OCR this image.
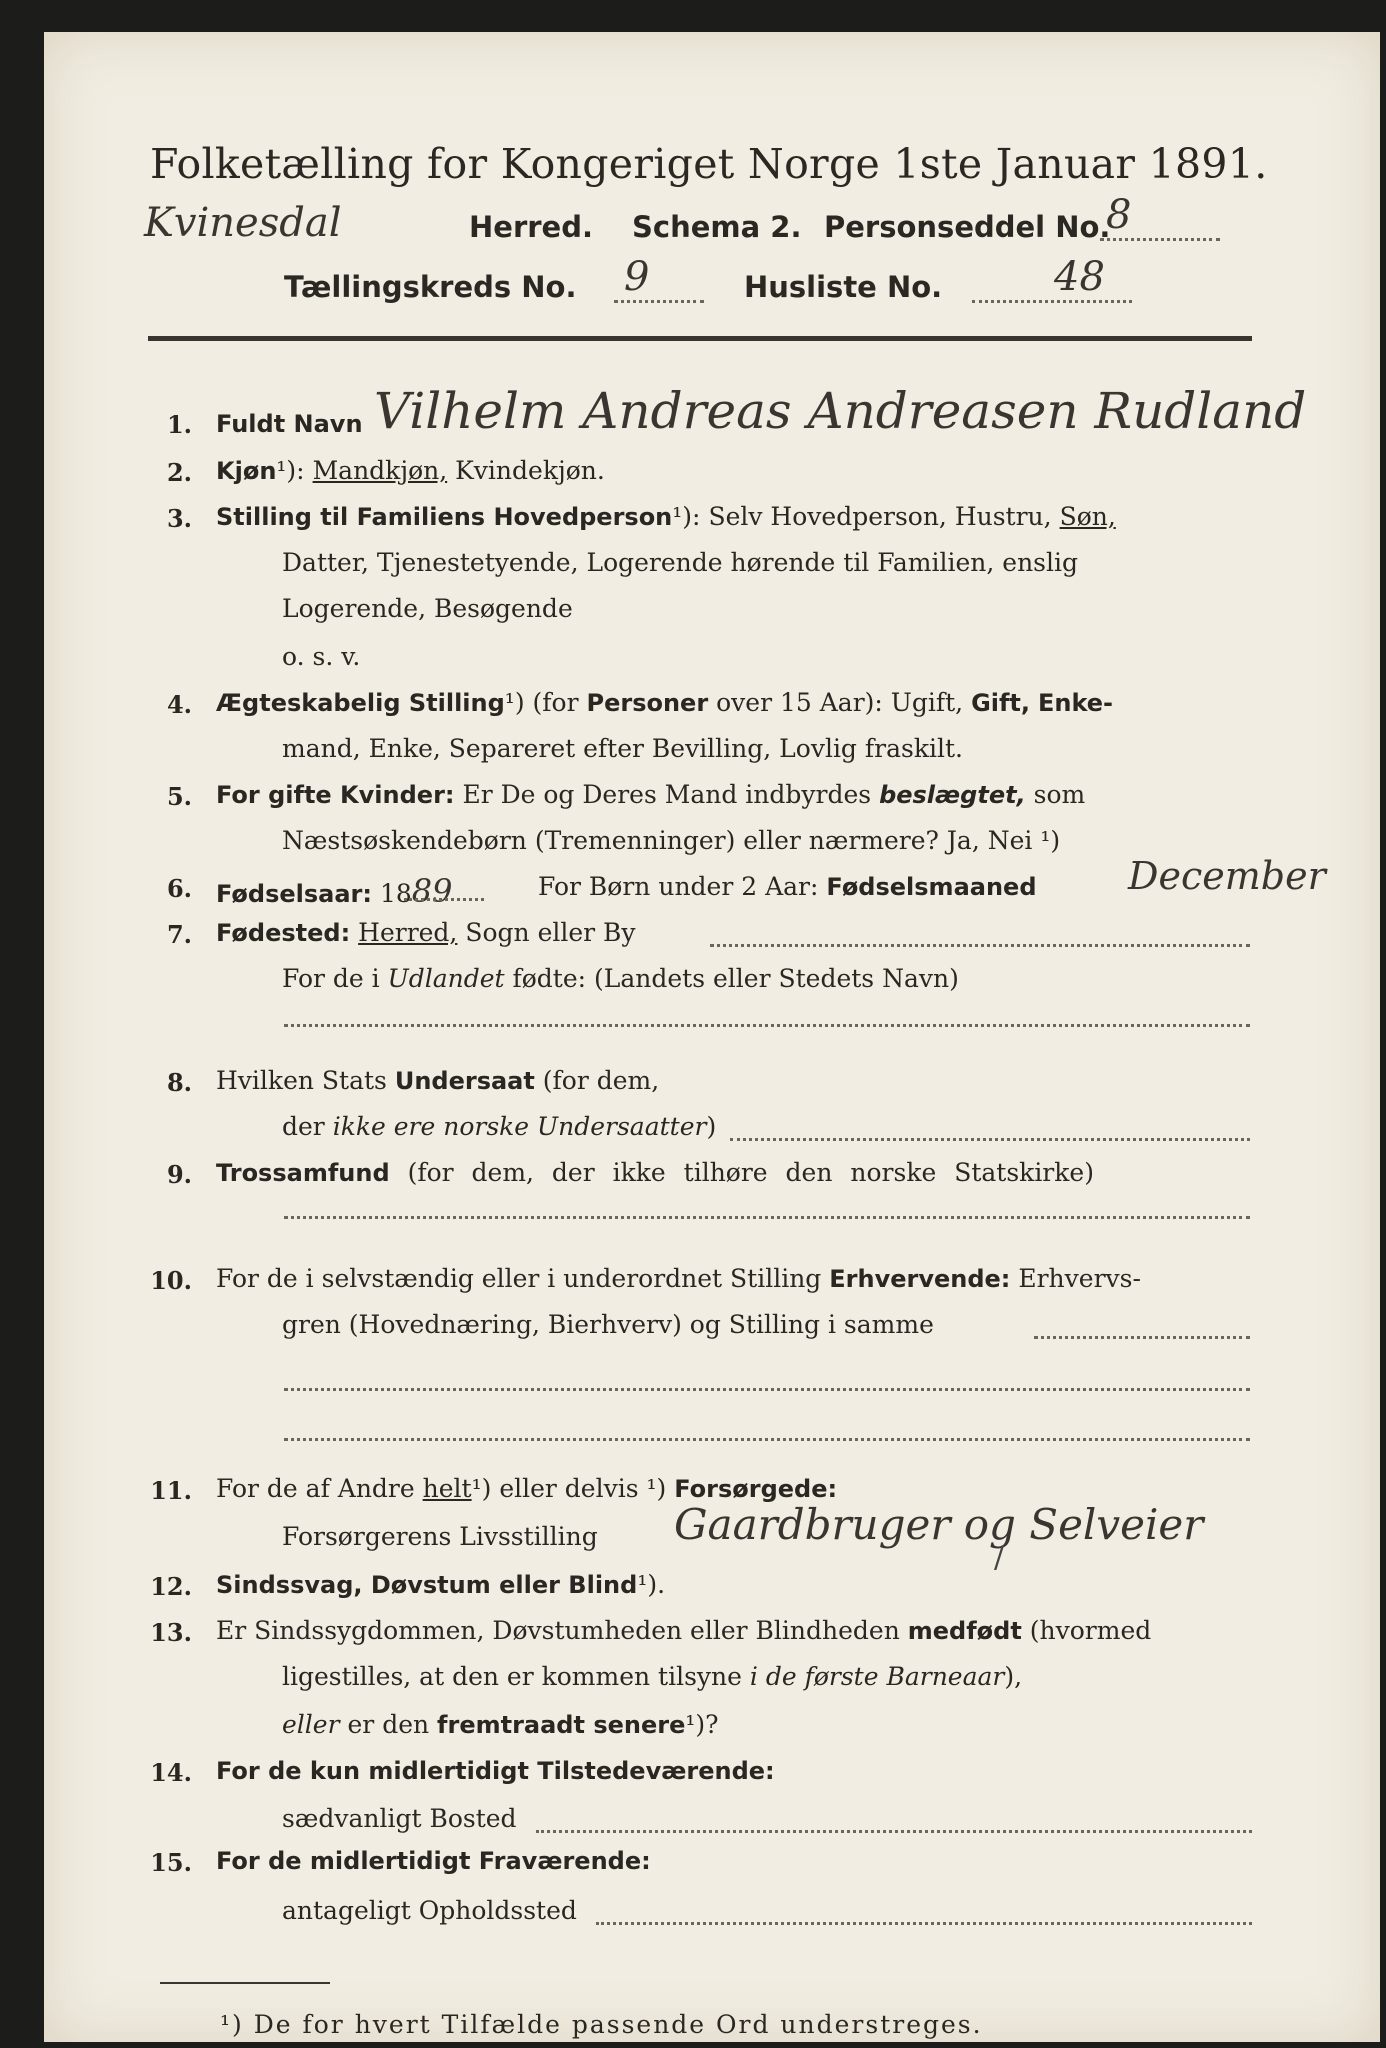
Folketælling for Kongeriget Norge 1ste Januar 1891.
Kvinesdal	Herred. Schema 2. Personseddel No.
8
Tællingskreds No. 9	Husliste No.	48
1. Fuldt Navn Vilhelm Andreas Andreasen Rudland
2. Kjøn¹): Mandkjøn, Kvindekjøn.
3. Stilling til Familiens Hovedperson¹): Selv Hovedperson, Hustru, Søn,
Datter, Tjenestetyende, Logerende hørende til Familien, enslig
Logerende, Besøgende
o. s. v.
4. Ægteskabelig Stilling¹) (for Personer over 15 Aar): Ugift, Gift, Enke-
mand, Enke, Separeret efter Bevilling, Lovlig fraskilt.
5. For gifte Kvinder: Er De og Deres Mand indbyrdes beslægtet, som
Næstsøskendebørn (Tremenninger) eller nærmere? Ja, Nei ¹)
6. Fødselsaar: 1889	For Børn under 2 Aar: Fødselsmaaned December
7. Fødested: Herred, Sogn eller By
For de i Udlandet fødte: (Landets eller Stedets Navn)
8. Hvilken Stats Undersaat (for dem,
der ikke ere norske Undersaatter)
9. Trossamfund (for dem, der ikke tilhøre den norske Statskirke)
10. For de i selvstændig eller i underordnet Stilling Erhvervende: Erhvervs-
gren (Hovednæring, Bierhverv) og Stilling i samme
11. For de af Andre helt¹) eller delvis ¹) Forsørgede:
Forsørgerens Livsstilling Gaardbruger og Selveier
/
12. Sindssvag, Døvstum eller Blind¹).
13. Er Sindssygdommen, Døvstumheden eller Blindheden medfødt (hvormed
ligestilles, at den er kommen tilsyne i de første Barneaar),
eller er den fremtraadt senere¹)?
14. For de kun midlertidigt Tilstedeværende:
sædvanligt Bosted
15. For de midlertidigt Fraværende:
antageligt Opholdssted
¹) De for hvert Tilfælde passende Ord understreges.
